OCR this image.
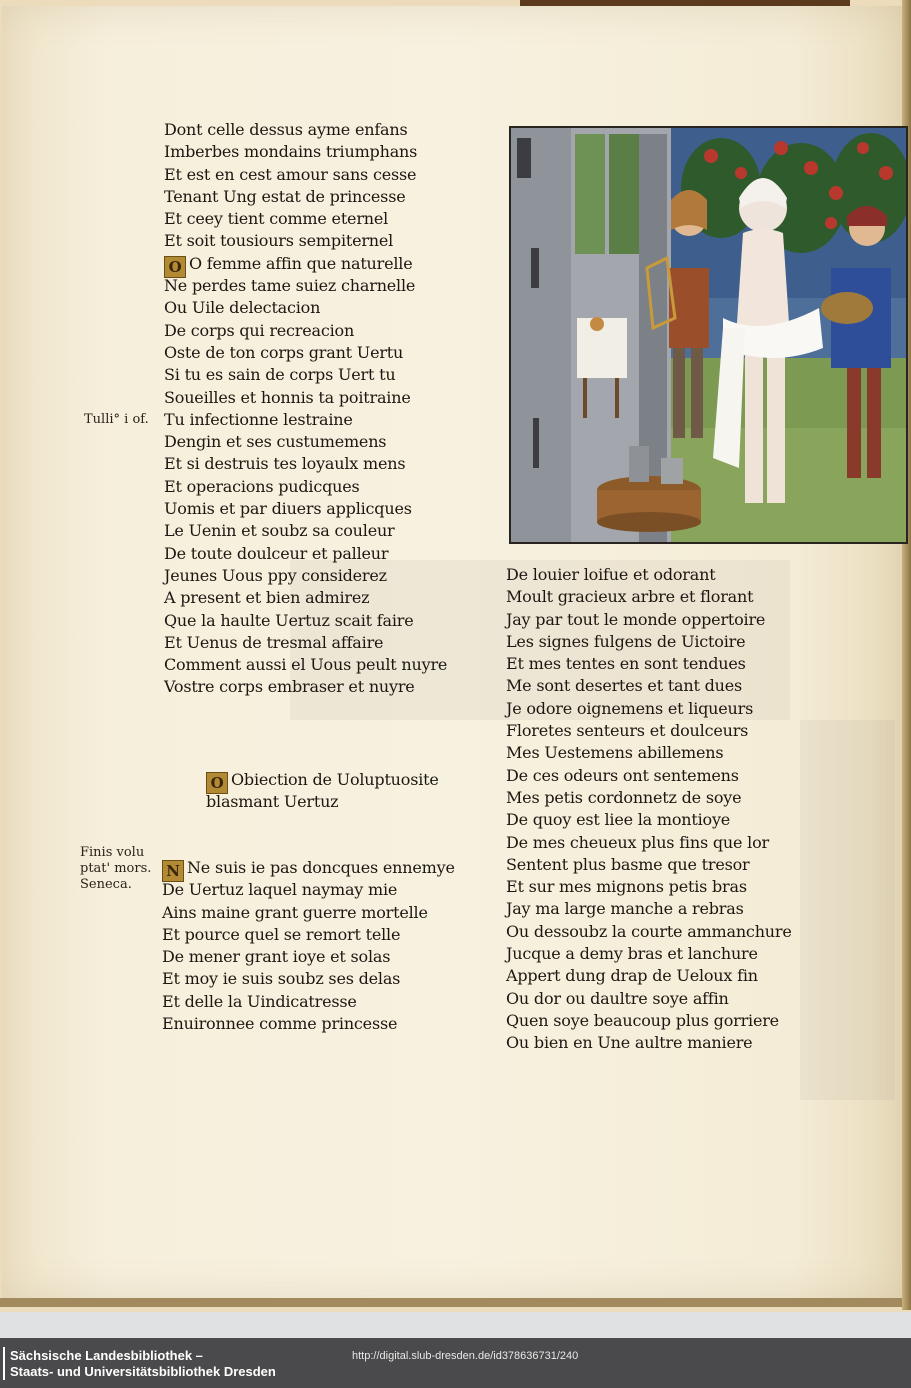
Dont celle dessus ayme enfans
Imberbes mondains triumphans
Et est en cest amour sans cesse
Tenant Ung estat de princesse
Et ceey tient comme eternel
Et soit tousiours sempiternel
O O femme affin que naturelle
Ne perdes tame suiez charnelle
Ou Uile delectacion
De corps qui recreacion
Oste de ton corps grant Uertu
Si tu es sain de corps Uert tu
Soueilles et honnis ta poitraine
Tu infectionne lestraine
Dengin et ses custumemens
Et si destruis tes loyaulx mens
Et operacions pudicques
Uomis et par diuers applicques
Le Uenin et soubz sa couleur
De toute doulceur et palleur
Jeunes Uous ppy considerez
A present et bien admirez
Que la haulte Uertuz scait faire
Et Uenus de tresmal affaire
Comment aussi el Uous peult nuyre
Vostre corps embraser et nuyre
Tulli° i of.
O Obiection de Uoluptuosite
blasmant Uertuz
Finis volu
ptat' mors.
Seneca.
N Ne suis ie pas doncques ennemye
De Uertuz laquel naymay mie
Ains maine grant guerre mortelle
Et pource quel se remort telle
De mener grant ioye et solas
Et moy ie suis soubz ses delas
Et delle la Uindicatresse
Enuironnee comme princesse
De louier loifue et odorant
Moult gracieux arbre et florant
Jay par tout le monde oppertoire
Les signes fulgens de Uictoire
Et mes tentes en sont tendues
Me sont desertes et tant dues
Je odore oignemens et liqueurs
Floretes senteurs et doulceurs
Mes Uestemens abillemens
De ces odeurs ont sentemens
Mes petis cordonnetz de soye
De quoy est liee la montioye
De mes cheueux plus fins que lor
Sentent plus basme que tresor
Et sur mes mignons petis bras
Jay ma large manche a rebras
Ou dessoubz la courte ammanchure
Jucque a demy bras et lanchure
Appert dung drap de Ueloux fin
Ou dor ou daultre soye affin
Quen soye beaucoup plus gorriere
Ou bien en Une aultre maniere
Sächsische Landesbibliothek –
Staats- und Universitätsbibliothek Dresden
http://digital.slub-dresden.de/id378636731/240
